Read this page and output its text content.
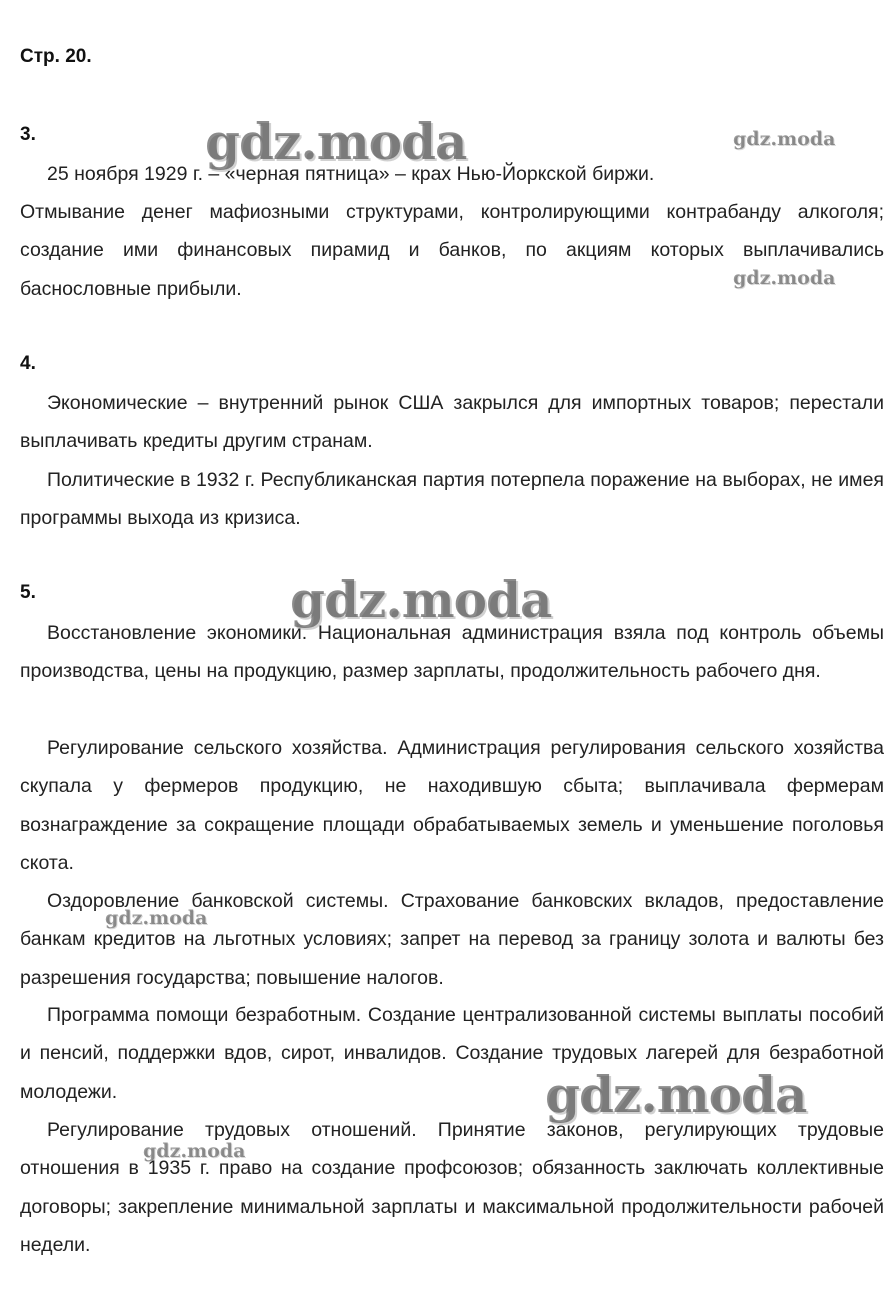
Стр. 20.
3.

25 ноября 1929 г. – «черная пятница» – крах Нью-Йоркской биржи.

Отмывание денег мафиозными структурами, контролирующими контрабанду алкоголя; создание ими финансовых пирамид и банков, по акциям которых выплачивались баснословные прибыли.

4.

Экономические – внутренний рынок США закрылся для импортных товаров; перестали выплачивать кредиты другим странам.

Политические в 1932 г. Республиканская партия потерпела поражение на выборах, не имея программы выхода из кризиса.

5.

Восстановление экономики. Национальная администрация взяла под контроль объемы производства, цены на продукцию, размер зарплаты, продолжительность рабочего дня.

Регулирование сельского хозяйства. Администрация регулирования сельского хозяйства скупала у фермеров продукцию, не находившую сбыта; выплачивала фермерам вознаграждение за сокращение площади обрабатываемых земель и уменьшение поголовья скота.

Оздоровление банковской системы. Страхование банковских вкладов, предоставление банкам кредитов на льготных условиях; запрет на перевод за границу золота и валюты без разрешения государства; повышение налогов.

Программа помощи безработным. Создание централизованной системы выплаты пособий и пенсий, поддержки вдов, сирот, инвалидов. Создание трудовых лагерей для безработной молодежи.

Регулирование трудовых отношений. Принятие законов, регулирующих трудовые отношения в 1935 г. право на создание профсоюзов; обязанность заключать коллективные договоры; закрепление минимальной зарплаты и максимальной продолжительности рабочей недели.

gdz.moda	gdz.moda
gdz.moda
gdz.moda
gdz.moda
gdz.moda
gdz.moda
